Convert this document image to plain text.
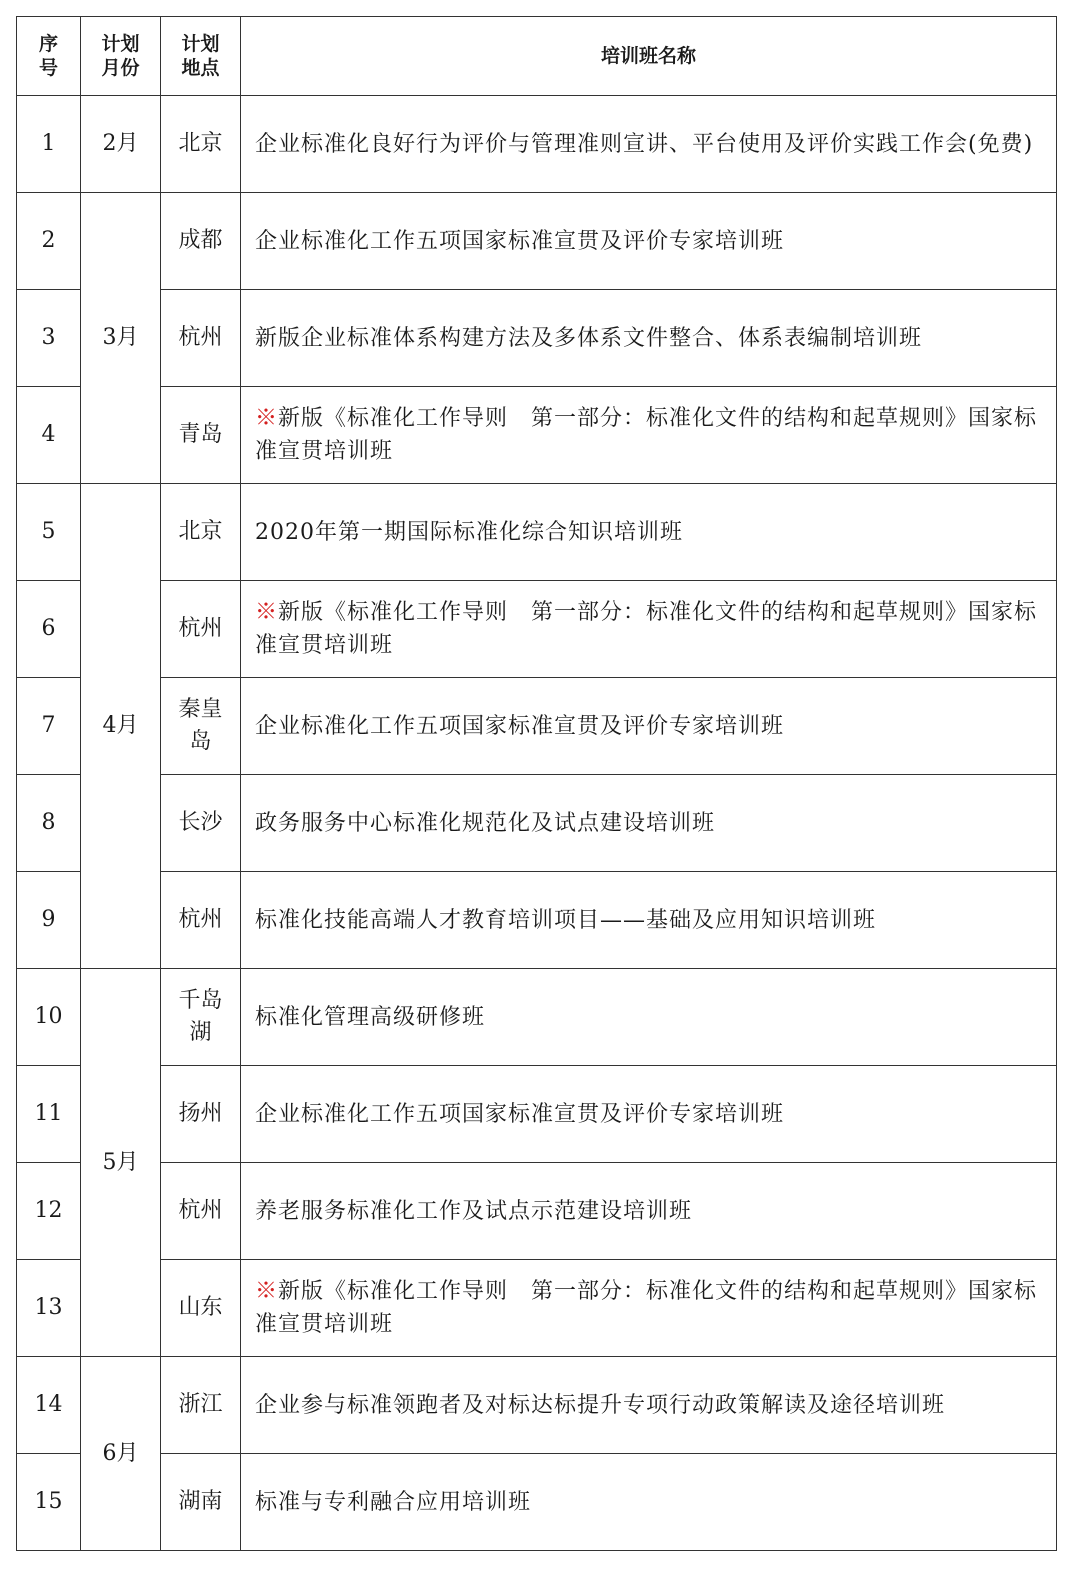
序号	计划月份	计划地点	培训班名称
1	2月	北京	企业标准化良好行为评价与管理准则宣讲、平台使用及评价实践工作会(免费)
2	3月	成都	企业标准化工作五项国家标准宣贯及评价专家培训班
3		杭州	新版企业标准体系构建方法及多体系文件整合、体系表编制培训班
4		青岛	※新版《标准化工作导则　第一部分：标准化文件的结构和起草规则》国家标准宣贯培训班
5	4月	北京	2020年第一期国际标准化综合知识培训班
6		杭州	※新版《标准化工作导则　第一部分：标准化文件的结构和起草规则》国家标准宣贯培训班
7		秦皇岛	企业标准化工作五项国家标准宣贯及评价专家培训班
8		长沙	政务服务中心标准化规范化及试点建设培训班
9		杭州	标准化技能高端人才教育培训项目——基础及应用知识培训班
10	5月	千岛湖	标准化管理高级研修班
11		扬州	企业标准化工作五项国家标准宣贯及评价专家培训班
12		杭州	养老服务标准化工作及试点示范建设培训班
13		山东	※新版《标准化工作导则　第一部分：标准化文件的结构和起草规则》国家标准宣贯培训班
14	6月	浙江	企业参与标准领跑者及对标达标提升专项行动政策解读及途径培训班
15		湖南	标准与专利融合应用培训班
